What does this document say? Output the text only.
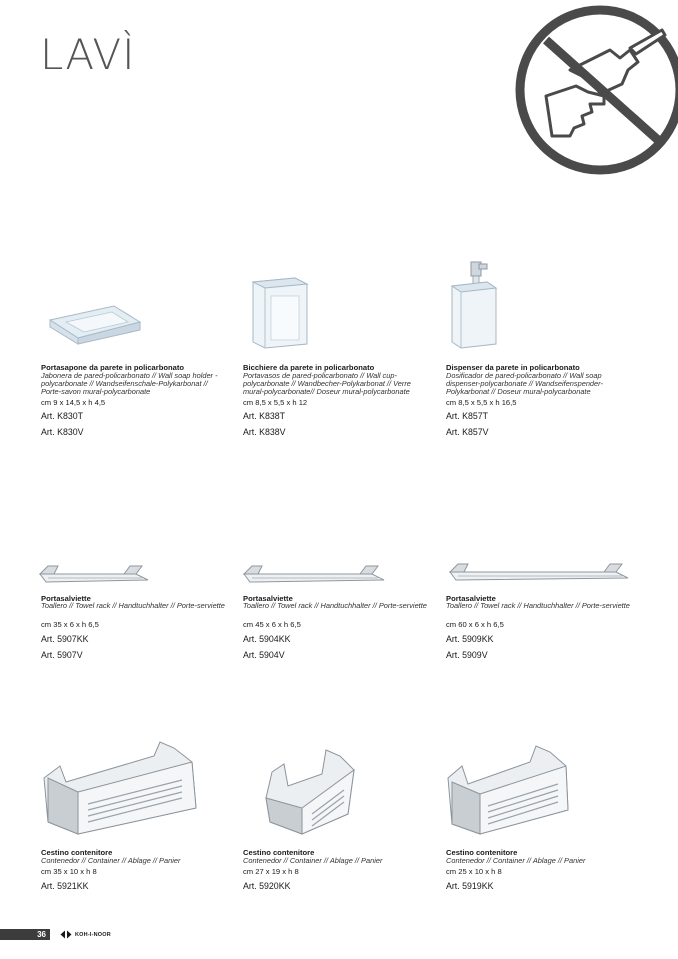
LAVÌ
Portasapone da parete in policarbonato
Jabonera de pared-policarbonato // Wall soap holder - polycarbonate // Wandseifenschale-Polykarbonat // Porte-savon mural-polycarbonate
cm 9 x 14,5 x h 4,5
Art. K830T
Art. K830V
Bicchiere da parete in policarbonato
Portavasos de pared-policarbonato // Wall cup-polycarbonate // Wandbecher-Polykarbonat // Verre mural-polycarbonate// Doseur mural-polycarbonate
cm 8,5 x 5,5 x h 12
Art. K838T
Art. K838V
Dispenser da parete in policarbonato
Dosificador de pared-policarbonato // Wall soap dispenser-polycarbonate // Wandseifenspender-Polykarbonat // Doseur mural-polycarbonate
cm 8,5 x 5,5 x h 16,5
Art. K857T
Art. K857V
Portasalviette
Toallero // Towel rack // Handtuchhalter // Porte-serviette
cm 35 x 6 x h 6,5
Art. 5907KK
Art. 5907V
Portasalviette
Toallero // Towel rack // Handtuchhalter // Porte-serviette
cm 45 x 6 x h 6,5
Art. 5904KK
Art. 5904V
Portasalviette
Toallero // Towel rack // Handtuchhalter // Porte-serviette
cm 60 x 6 x h 6,5
Art. 5909KK
Art. 5909V
Cestino contenitore
Contenedor // Container // Ablage // Panier
cm 35 x 10 x h 8
Art. 5921KK
Cestino contenitore
Contenedor // Container // Ablage // Panier
cm 27 x 19 x h 8
Art. 5920KK
Cestino contenitore
Contenedor // Container // Ablage // Panier
cm 25 x 10 x h 8
Art. 5919KK
36	KOH-I-NOOR
